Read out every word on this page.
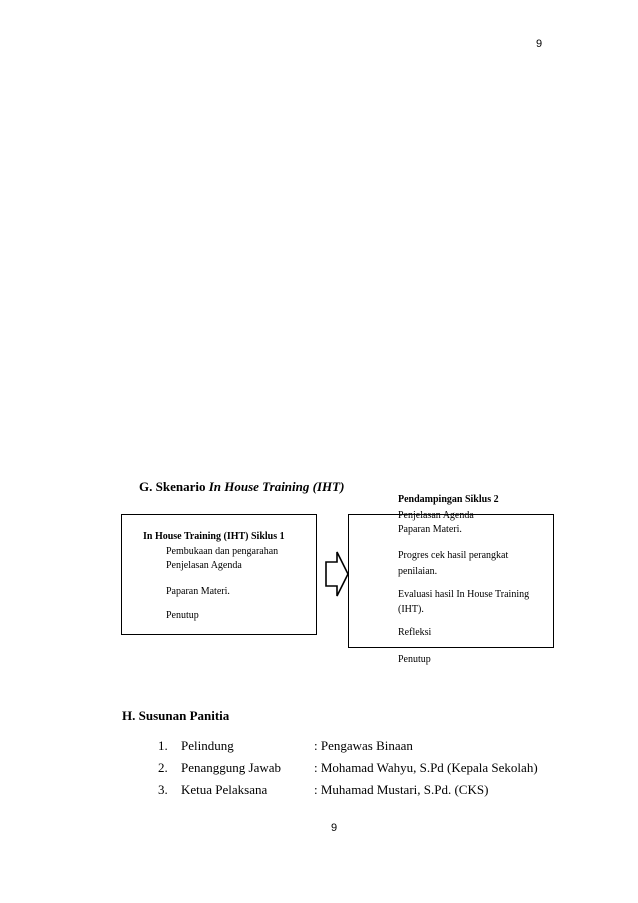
9
G. Skenario In House Training (IHT)
In House Training (IHT) Siklus 1
Pembukaan dan pengarahan
Penjelasan Agenda
Paparan Materi.
Penutup
Pendampingan Siklus 2
Penjelasan Agenda
Paparan Materi.
Progres cek hasil perangkat
penilaian.
Evaluasi hasil In House Training
(IHT).
Refleksi
Penutup
H. Susunan Panitia
1. Pelindung	: Pengawas Binaan
2. Penanggung Jawab	: Mohamad Wahyu, S.Pd (Kepala Sekolah)
3. Ketua Pelaksana	: Muhamad Mustari, S.Pd. (CKS)
9
